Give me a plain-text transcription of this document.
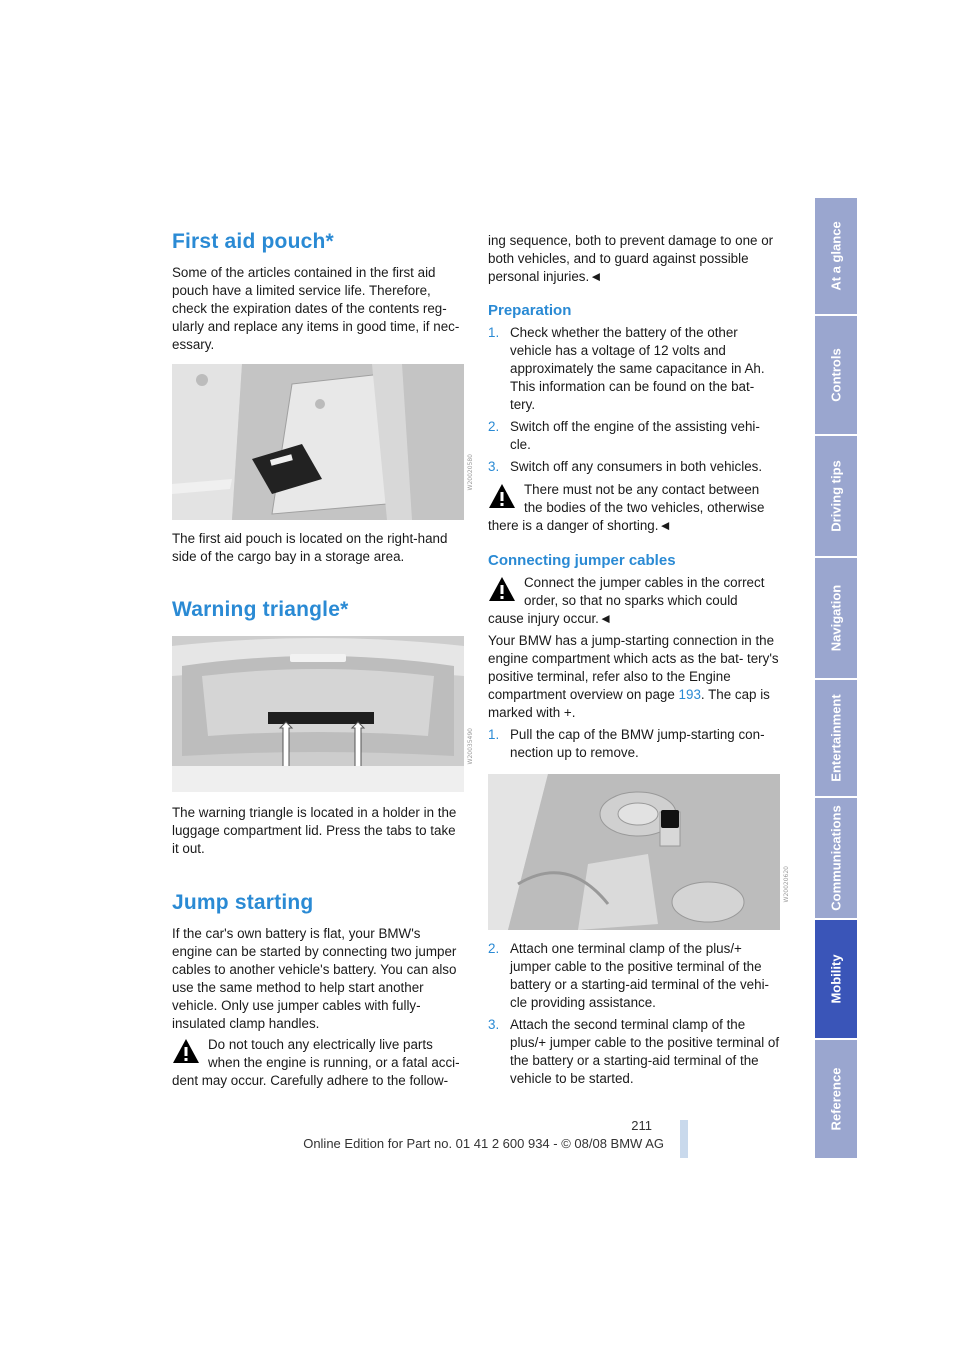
First aid pouch*

Some of the articles contained in the first aid pouch have a limited service life. Therefore, check the expiration dates of the contents reg- ularly and replace any items in good time, if nec- essary.

W20020580

The first aid pouch is located on the right-hand side of the cargo bay in a storage area.

Warning triangle*
W20035490

The warning triangle is located in a holder in the luggage compartment lid. Press the tabs to take it out.

Jump starting

If the car's own battery is flat, your BMW's engine can be started by connecting two jumper cables to another vehicle's battery. You can also use the same method to help start another vehicle. Only use jumper cables with fully-insulated clamp handles.

Do not touch any electrically live parts when the engine is running, or a fatal acci-
dent may occur. Carefully adhere to the follow-

ing sequence, both to prevent damage to one or both vehicles, and to guard against possible personal injuries.◄

Preparation
1. Check whether the battery of the other vehicle has a voltage of 12 volts and approximately the same capacitance in Ah. This information can be found on the bat- tery.
2. Switch off the engine of the assisting vehi- cle.
3. Switch off any consumers in both vehicles.
There must not be any contact between the bodies of the two vehicles, otherwise
there is a danger of shorting.◄
Connecting jumper cables
Connect the jumper cables in the correct order, so that no sparks which could
cause injury occur.◄

Your BMW has a jump-starting connection in the engine compartment which acts as the bat- tery's positive terminal, refer also to the Engine compartment overview on page 193. The cap is marked with +.

1. Pull the cap of the BMW jump-starting con- nection up to remove.
W20020620
2. Attach one terminal clamp of the plus/+ jumper cable to the positive terminal of the battery or a starting-aid terminal of the vehi- cle providing assistance.
3. Attach the second terminal clamp of the plus/+ jumper cable to the positive terminal of the battery or a starting-aid terminal of the vehicle to be started.
At a glance
Controls
Driving tips
Navigation
Entertainment
Communications
Mobility
Reference
211
Online Edition for Part no. 01 41 2 600 934 - © 08/08 BMW AG
